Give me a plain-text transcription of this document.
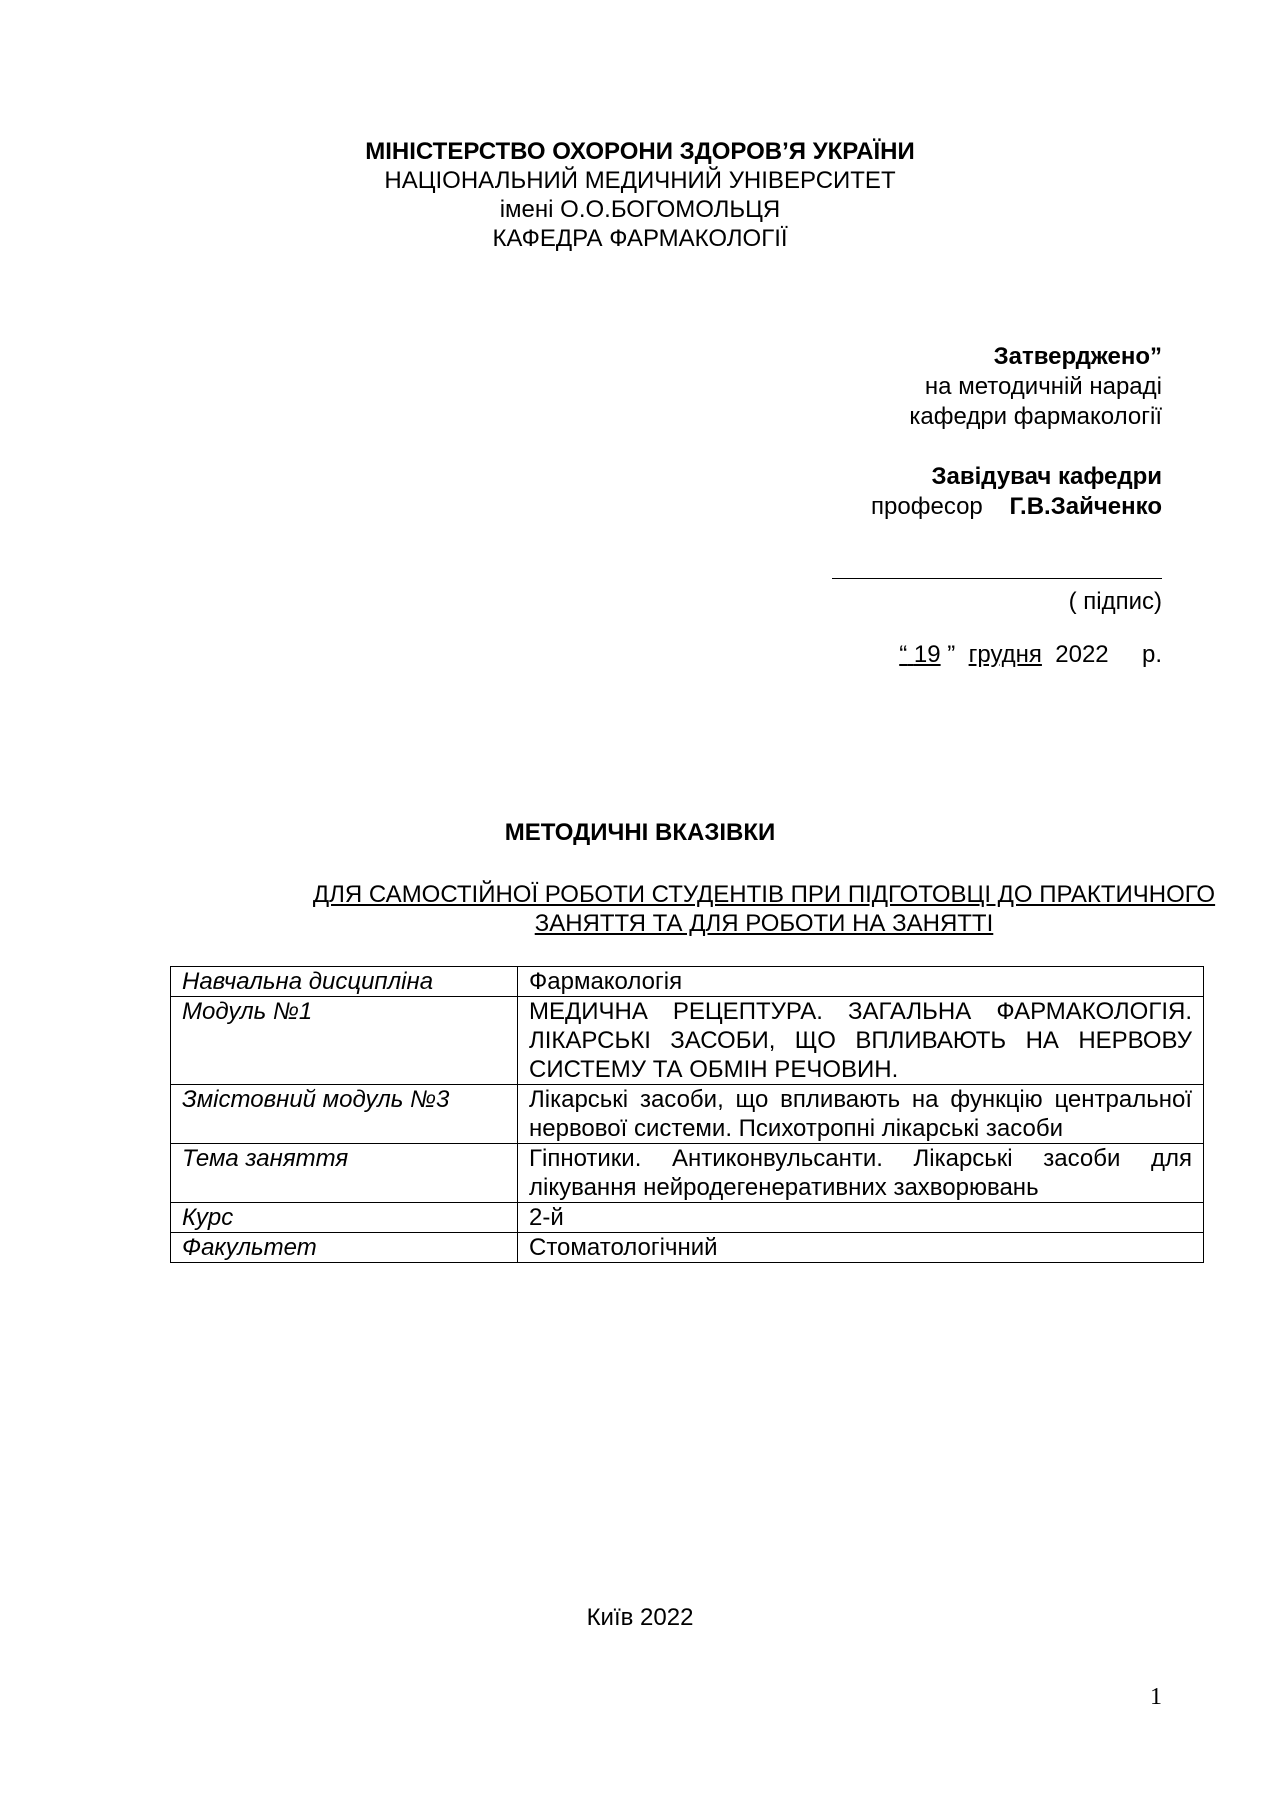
МІНІСТЕРСТВО ОХОРОНИ ЗДОРОВ’Я УКРАЇНИ
НАЦІОНАЛЬНИЙ МЕДИЧНИЙ УНІВЕРСИТЕТ
імені О.О.БОГОМОЛЬЦЯ
КАФЕДРА ФАРМАКОЛОГІЇ
Затверджено”
на методичній нараді
кафедри фармакології
Завідувач кафедри
професор Г.В.Зайченко
( підпис)
“ 19 ” грудня 2022 р.
МЕТОДИЧНІ ВКАЗІВКИ
ДЛЯ САМОСТІЙНОЇ РОБОТИ СТУДЕНТІВ ПРИ ПІДГОТОВЦІ ДО ПРАКТИЧНОГО
ЗАНЯТТЯ ТА ДЛЯ РОБОТИ НА ЗАНЯТТІ
Навчальна дисципліна	Фармакологія
Модуль №1	МЕДИЧНА РЕЦЕПТУРА. ЗАГАЛЬНА ФАРМАКОЛОГІЯ. ЛІКАРСЬКІ ЗАСОБИ, ЩО ВПЛИВАЮТЬ НА НЕРВОВУ СИСТЕМУ ТА ОБМІН РЕЧОВИН.
Змістовний модуль №3	Лікарські засоби, що впливають на функцію центральної нервової системи. Психотропні лікарські засоби
Тема заняття	Гіпнотики. Антиконвульсанти. Лікарські засоби для лікування нейродегенеративних захворювань
Курс	2-й
Факультет	Стоматологічний
Київ 2022
1
